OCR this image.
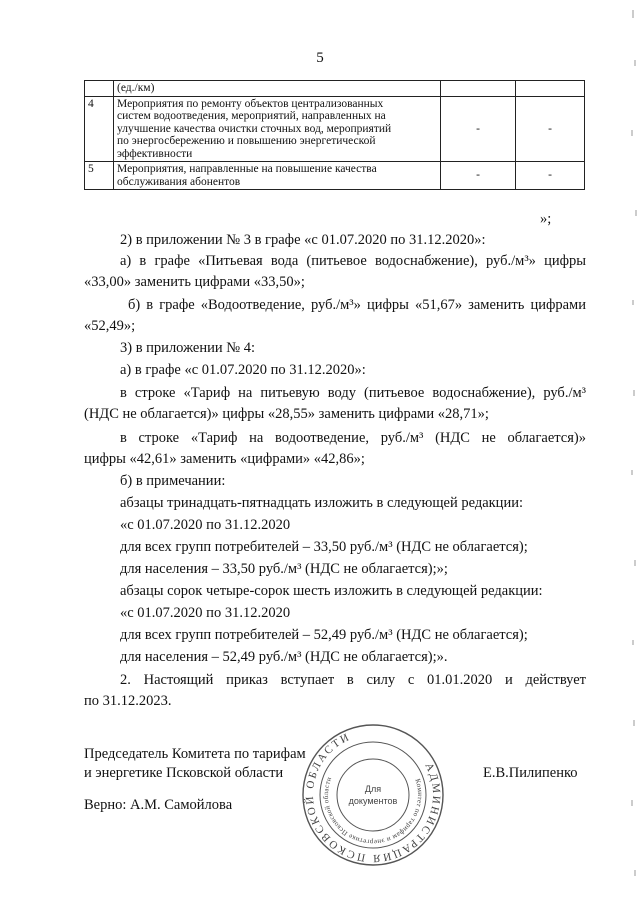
5

	(ед./км)		

4	Мероприятия по ремонту объектов централизованных
систем водоотведения, мероприятий, направленных на
улучшение качества очистки сточных вод, мероприятий
по энергосбережению и повышению энергетической
эффективности	-	-
5	Мероприятия, направленные на повышение качества
обслуживания абонентов	-	-
»;
2) в приложении № 3 в графе «с 01.07.2020 по 31.12.2020»:
а) в графе «Питьевая вода (питьевое водоснабжение), руб./м³» цифры
«33,00» заменить цифрами «33,50»;
б) в графе «Водоотведение, руб./м³» цифры «51,67» заменить цифрами
«52,49»;
3) в приложении № 4:
а) в графе «с 01.07.2020 по 31.12.2020»:
в строке «Тариф на питьевую воду (питьевое водоснабжение), руб./м³
(НДС не облагается)» цифры «28,55» заменить цифрами «28,71»;
в строке «Тариф на водоотведение, руб./м³ (НДС не облагается)»
цифры «42,61» заменить «цифрами» «42,86»;
б) в примечании:
абзацы тринадцать-пятнадцать изложить в следующей редакции:
«с 01.07.2020 по 31.12.2020
для всех групп потребителей – 33,50 руб./м³ (НДС не облагается);
для населения – 33,50 руб./м³ (НДС не облагается);»;
абзацы сорок четыре-сорок шесть изложить в следующей редакции:
«с 01.07.2020 по 31.12.2020
для всех групп потребителей – 52,49 руб./м³ (НДС не облагается);
для населения – 52,49 руб./м³ (НДС не облагается);».
2. Настоящий приказ вступает в силу с 01.01.2020 и действует
по 31.12.2023.
Председатель Комитета по тарифам
и энергетике Псковской области	Е.В.Пилипенко
Верно: А.М. Самойлова
АДМИНИСТРАЦИЯ ПСКОВСКОЙ ОБЛАСТИ
Комитет по тарифам и энергетике Псковской области
Для
документов
